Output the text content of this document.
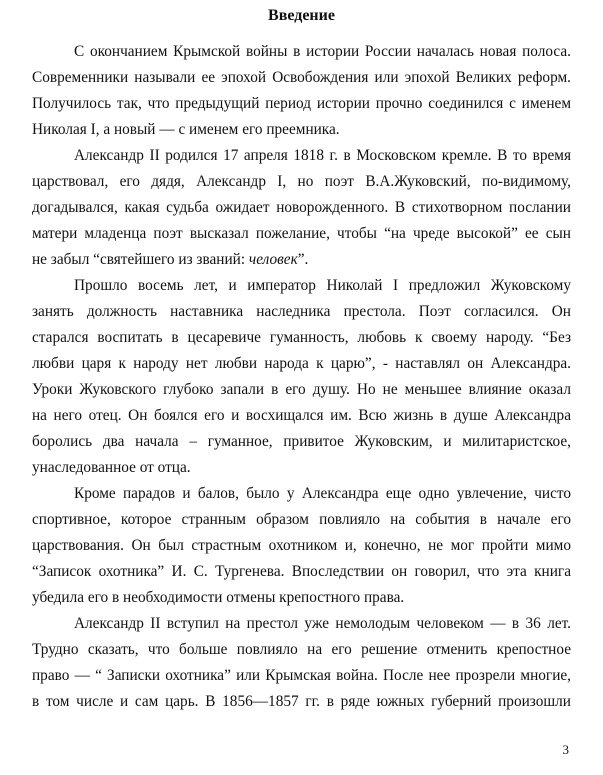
Введение

С окончанием Крымской войны в истории России началась новая полоса.
Современники называли ее эпохой Освобождения или эпохой Великих реформ.
Получилось так, что предыдущий период истории прочно соединился с именем
Николая I, а новый — с именем его преемника.

Александр II родился 17 апреля 1818 г. в Московском кремле. В то время
царствовал, его дядя, Александр I, но поэт В.А.Жуковский, по-видимому,
догадывался, какая судьба ожидает новорожденного. В стихотворном послании
матери младенца поэт высказал пожелание, чтобы “на чреде высокой” ее сын
не забыл “святейшего из званий: человек”.

Прошло восемь лет, и император Николай I предложил Жуковскому
занять должность наставника наследника престола. Поэт согласился. Он
старался воспитать в цесаревиче гуманность, любовь к своему народу. “Без
любви царя к народу нет любви народа к царю”, - наставлял он Александра.
Уроки Жуковского глубоко запали в его душу. Но не меньшее влияние оказал
на него отец. Он боялся его и восхищался им. Всю жизнь в душе Александра
боролись два начала – гуманное, привитое Жуковским, и милитаристское,
унаследованное от отца.

Кроме парадов и балов, было у Александра еще одно увлечение, чисто
спортивное, которое странным образом повлияло на события в начале его
царствования. Он был страстным охотником и, конечно, не мог пройти мимо
“Записок охотника” И. С. Тургенева. Впоследствии он говорил, что эта книга
убедила его в необходимости отмены крепостного права.

Александр II вступил на престол уже немолодым человеком — в 36 лет.
Трудно сказать, что больше повлияло на его решение отменить крепостное
право — “ Записки охотника” или Крымская война. После нее прозрели многие,
в том числе и сам царь. В 1856—1857 гг. в ряде южных губерний произошли

3
